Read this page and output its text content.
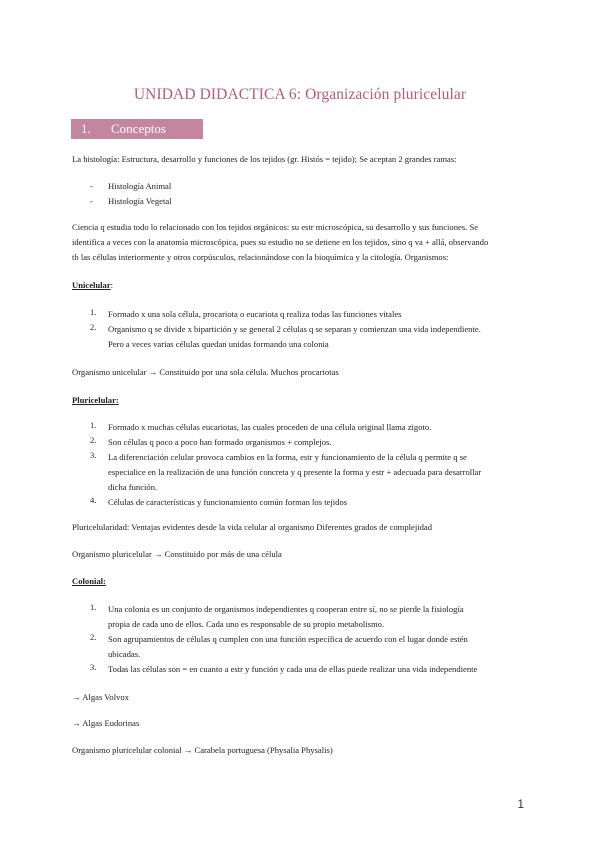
UNIDAD DIDACTICA 6: Organización pluricelular
1. Conceptos básicos
La histología: Estructura, desarrollo y funciones de los tejidos (gr. Histós = tejido); Se aceptan 2 grandes ramas:
- Histología Animal
- Histología Vegetal
Ciencia q estudia todo lo relacionado con los tejidos orgánicos: su estr microscópica, su desarrollo y sus funciones. Se
identifica a veces con la anatomía microscópica, pues su estudio no se detiene en los tejidos, sino q va + allá, observando
tb las células interiormente y otros corpúsculos, relacionándose con la bioquímica y la citología. Organismos:
Unicelular:
1. Formado x una sola célula, procariota o eucariota q realiza todas las funciones vitales
2. Organismo q se divide x bipartición y se general 2 células q se separan y comienzan una vida independiente.
Pero a veces varias células quedan unidas formando una colonia
Organismo unicelular → Constituido por una sola célula. Muchos procariotas
Pluricelular:
1. Formado x muchas células eucariotas, las cuales proceden de una célula original llama zigoto.
2. Son células q poco a poco han formado organismos + complejos.
3. La diferenciación celular provoca cambios en la forma, estr y funcionamiento de la célula q permite q se
especialice en la realización de una función concreta y q presente la forma y estr + adecuada para desarrollar
dicha función.
4. Células de características y funcionamiento común forman los tejidos
Pluricelularidad: Ventajas evidentes desde la vida celular al organismo Diferentes grados de complejidad
Organismo pluricelular → Constituido por más de una célula
Colonial:
1. Una colonia es un conjunto de organismos independientes q cooperan entre sí, no se pierde la fisiología
propia de cada uno de ellos. Cada uno es responsable de su propio metabolismo.
2. Son agrupamientos de células q cumplen con una función específica de acuerdo con el lugar donde estén
ubicadas.
3. Todas las células son = en cuanto a estr y función y cada una de ellas puede realizar una vida independiente
→ Algas Volvox
→ Algas Eudorinas
Organismo pluricelular colonial → Carabela portuguesa (Physalia Physalis)
1
